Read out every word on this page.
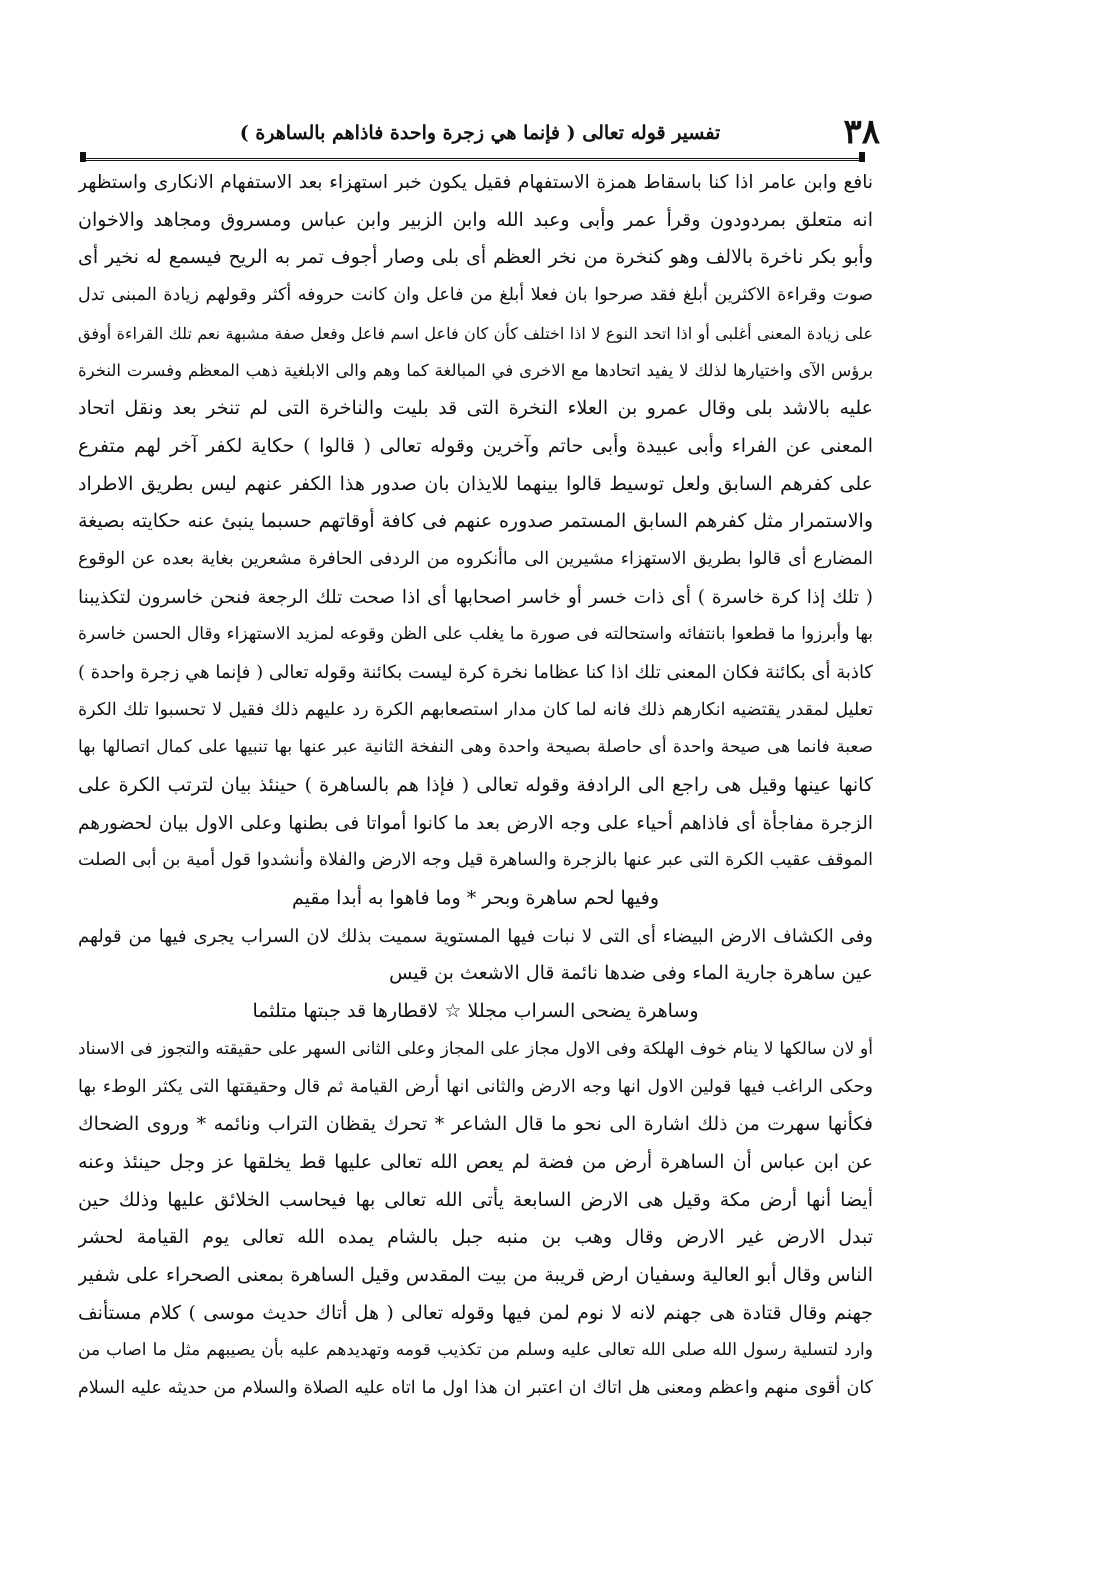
تفسير قوله تعالى ( فإنما هي زجرة واحدة فاذاهم بالساهرة )	٣٨
نافع وابن عامر اذا كنا باسقاط همزة الاستفهام فقيل يكون خبر استهزاء بعد الاستفهام الانكارى واستظهر
انه متعلق بمردودون وقرأ عمر وأبى وعبد الله وابن الزبير وابن عباس ومسروق ومجاهد والاخوان
وأبو بكر ناخرة بالالف وهو كنخرة من نخر العظم أى بلى وصار أجوف تمر به الريح فيسمع له نخير أى
صوت وقراءة الاكثرين أبلغ فقد صرحوا بان فعلا أبلغ من فاعل وان كانت حروفه أكثر وقولهم زيادة المبنى تدل
على زيادة المعنى أغلبى أو اذا اتحد النوع لا اذا اختلف كأن كان فاعل اسم فاعل وفعل صفة مشبهة نعم تلك القراءة أوفق
برؤس الآى واختيارها لذلك لا يفيد اتحادها مع الاخرى في المبالغة كما وهم والى الابلغية ذهب المعظم وفسرت النخرة
عليه بالاشد بلى وقال عمرو بن العلاء النخرة التى قد بليت والناخرة التى لم تنخر بعد ونقل اتحاد
المعنى عن الفراء وأبى عبيدة وأبى حاتم وآخرين وقوله تعالى ( قالوا ) حكاية لكفر آخر لهم متفرع
على كفرهم السابق ولعل توسيط قالوا بينهما للايذان بان صدور هذا الكفر عنهم ليس بطريق الاطراد
والاستمرار مثل كفرهم السابق المستمر صدوره عنهم فى كافة أوقاتهم حسبما ينبئ عنه حكايته بصيغة
المضارع أى قالوا بطريق الاستهزاء مشيرين الى ماأنكروه من الردفى الحافرة مشعرين بغاية بعده عن الوقوع
( تلك إذا كرة خاسرة ) أى ذات خسر أو خاسر اصحابها أى اذا صحت تلك الرجعة فنحن خاسرون لتكذيبنا
بها وأبرزوا ما قطعوا بانتفائه واستحالته فى صورة ما يغلب على الظن وقوعه لمزيد الاستهزاء وقال الحسن خاسرة
كاذبة أى بكائنة فكان المعنى تلك اذا كنا عظاما نخرة كرة ليست بكائنة وقوله تعالى ( فإنما هي زجرة واحدة )
تعليل لمقدر يقتضيه انكارهم ذلك فانه لما كان مدار استصعابهم الكرة رد عليهم ذلك فقيل لا تحسبوا تلك الكرة
صعبة فانما هى صيحة واحدة أى حاصلة بصيحة واحدة وهى النفخة الثانية عبر عنها بها تنبيها على كمال اتصالها بها
كانها عينها وقيل هى راجع الى الرادفة وقوله تعالى ( فإذا هم بالساهرة ) حينئذ بيان لترتب الكرة على
الزجرة مفاجأة أى فاذاهم أحياء على وجه الارض بعد ما كانوا أمواتا فى بطنها وعلى الاول بيان لحضورهم
الموقف عقيب الكرة التى عبر عنها بالزجرة والساهرة قيل وجه الارض والفلاة وأنشدوا قول أمية بن أبى الصلت
وفيها لحم ساهرة وبحر * وما فاهوا به أبدا مقيم
وفى الكشاف الارض البيضاء أى التى لا نبات فيها المستوية سميت بذلك لان السراب يجرى فيها من قولهم
عين ساهرة جارية الماء وفى ضدها نائمة قال الاشعث بن قيس
وساهرة يضحى السراب مجللا ☆ لاقطارها قد جبتها متلثما
أو لان سالكها لا ينام خوف الهلكة وفى الاول مجاز على المجاز وعلى الثانى السهر على حقيقته والتجوز فى الاسناد
وحكى الراغب فيها قولين الاول انها وجه الارض والثانى انها أرض القيامة ثم قال وحقيقتها التى يكثر الوطء بها
فكأنها سهرت من ذلك اشارة الى نحو ما قال الشاعر * تحرك يقظان التراب ونائمه * وروى الضحاك
عن ابن عباس أن الساهرة أرض من فضة لم يعص الله تعالى عليها قط يخلقها عز وجل حينئذ وعنه
أيضا أنها أرض مكة وقيل هى الارض السابعة يأتى الله تعالى بها فيحاسب الخلائق عليها وذلك حين
تبدل الارض غير الارض وقال وهب بن منبه جبل بالشام يمده الله تعالى يوم القيامة لحشر
الناس وقال أبو العالية وسفيان ارض قريبة من بيت المقدس وقيل الساهرة بمعنى الصحراء على شفير
جهنم وقال قتادة هى جهنم لانه لا نوم لمن فيها وقوله تعالى ( هل أتاك حديث موسى ) كلام مستأنف
وارد لتسلية رسول الله صلى الله تعالى عليه وسلم من تكذيب قومه وتهديدهم عليه بأن يصيبهم مثل ما اصاب من
كان أقوى منهم واعظم ومعنى هل اتاك ان اعتبر ان هذا اول ما اتاه عليه الصلاة والسلام من حديثه عليه السلام
